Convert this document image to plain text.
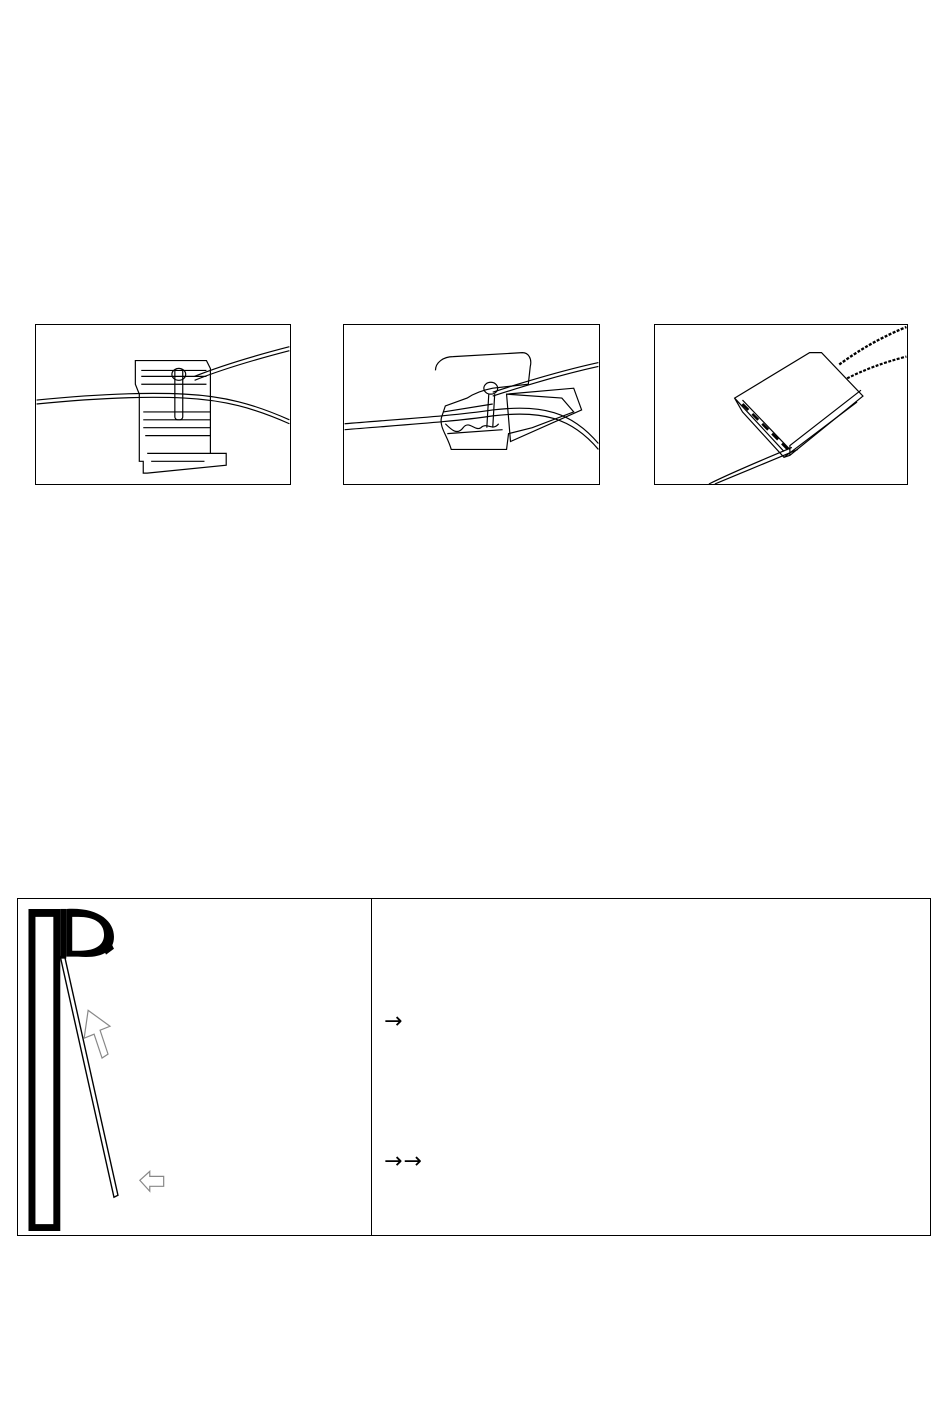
→
→→
